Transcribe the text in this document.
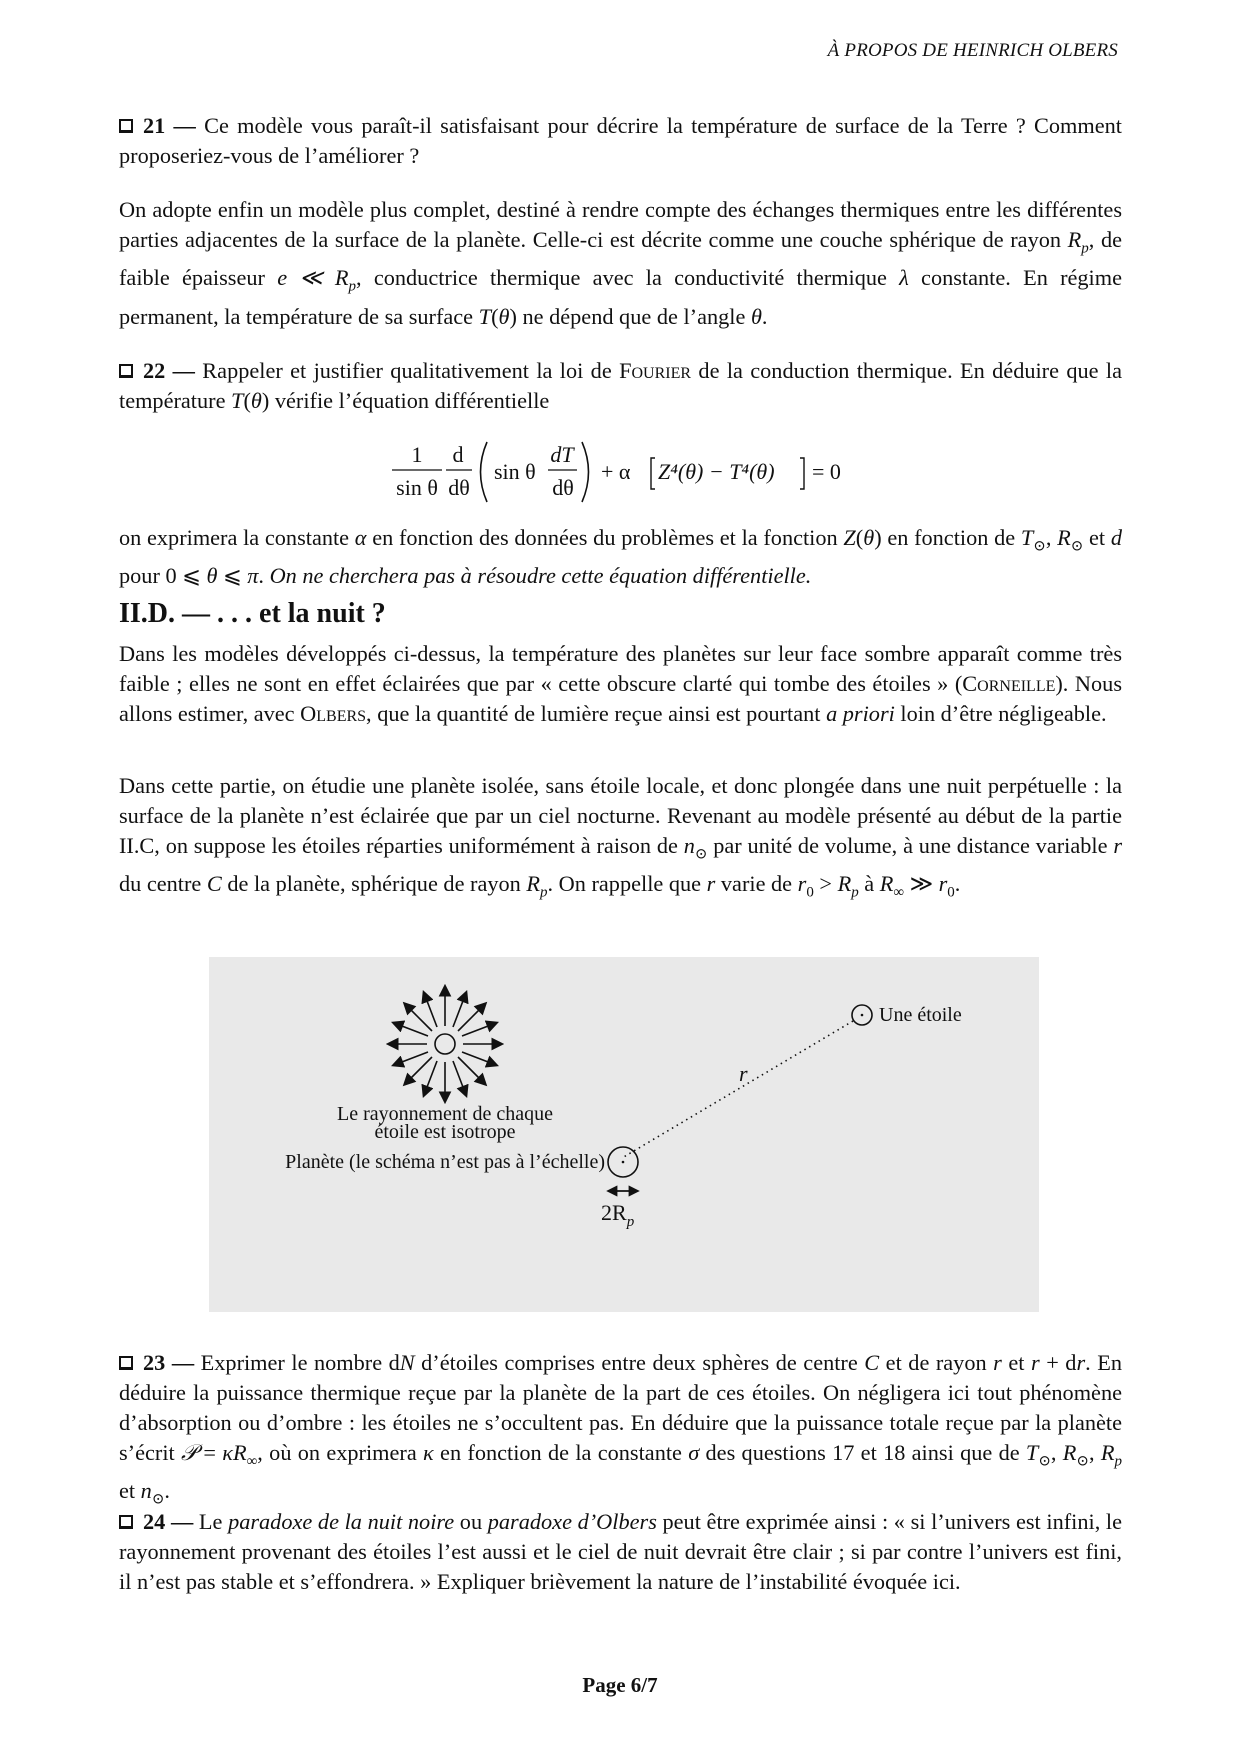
À PROPOS DE HEINRICH OLBERS
21 — Ce modèle vous paraît-il satisfaisant pour décrire la température de surface de la Terre ? Comment proposeriez-vous de l’améliorer ?
On adopte enfin un modèle plus complet, destiné à rendre compte des échanges thermiques entre les différentes parties adjacentes de la surface de la planète. Celle-ci est décrite comme une couche sphérique de rayon $R_p$, de faible épaisseur e ≪ $R_p$, conductrice thermique avec la conductivité thermique λ constante. En régime permanent, la température de sa surface T(θ) ne dépend que de l’angle θ.
22 — Rappeler et justifier qualitativement la loi de Fourier de la conduction thermique. En déduire que la température T(θ) vérifie l’équation différentielle
1
sin θ
d
dθ
sin θ
dT
dθ
+ α Z⁴(θ) − T⁴(θ) = 0
on exprimera la constante α en fonction des données du problèmes et la fonction Z(θ) en fonction de $T_⊙$, $R_⊙$ et d pour 0 ⩽ θ ⩽ π. On ne cherchera pas à résoudre cette équation différentielle.
II.D. — . . . et la nuit ?
Dans les modèles développés ci-dessus, la température des planètes sur leur face sombre apparaît comme très faible ; elles ne sont en effet éclairées que par « cette obscure clarté qui tombe des étoiles » (Corneille). Nous allons estimer, avec Olbers, que la quantité de lumière reçue ainsi est pourtant a priori loin d’être négligeable.
Dans cette partie, on étudie une planète isolée, sans étoile locale, et donc plongée dans une nuit perpétuelle : la surface de la planète n’est éclairée que par un ciel nocturne. Revenant au modèle présenté au début de la partie II.C, on suppose les étoiles réparties uniformément à raison de $n_⊙$ par unité de volume, à une distance variable r du centre C de la planète, sphérique de rayon $R_p$. On rappelle que r varie de $r_0 > R_p$ à $R_\infty$ ≫ $r_0$.
Le rayonnement de chaque
étoile est isotrope
Une étoile
r
Planète (le schéma n’est pas à l’échelle)
$2R_p$
23 — Exprimer le nombre dN d’étoiles comprises entre deux sphères de centre C et de rayon r et r + dr. En déduire la puissance thermique reçue par la planète de la part de ces étoiles. On négligera ici tout phénomène d’absorption ou d’ombre : les étoiles ne s’occultent pas. En déduire que la puissance totale reçue par la planète s’écrit 𝒫 = $\kappa R_\infty$, où on exprimera κ en fonction de la constante σ des questions 17 et 18 ainsi que de $T_⊙$, $R_⊙$, $R_p$ et $n_⊙$.
24 — Le paradoxe de la nuit noire ou paradoxe d’Olbers peut être exprimée ainsi : « si l’univers est infini, le rayonnement provenant des étoiles l’est aussi et le ciel de nuit devrait être clair ; si par contre l’univers est fini, il n’est pas stable et s’effondrera. » Expliquer brièvement la nature de l’instabilité évoquée ici.
Page 6/7
